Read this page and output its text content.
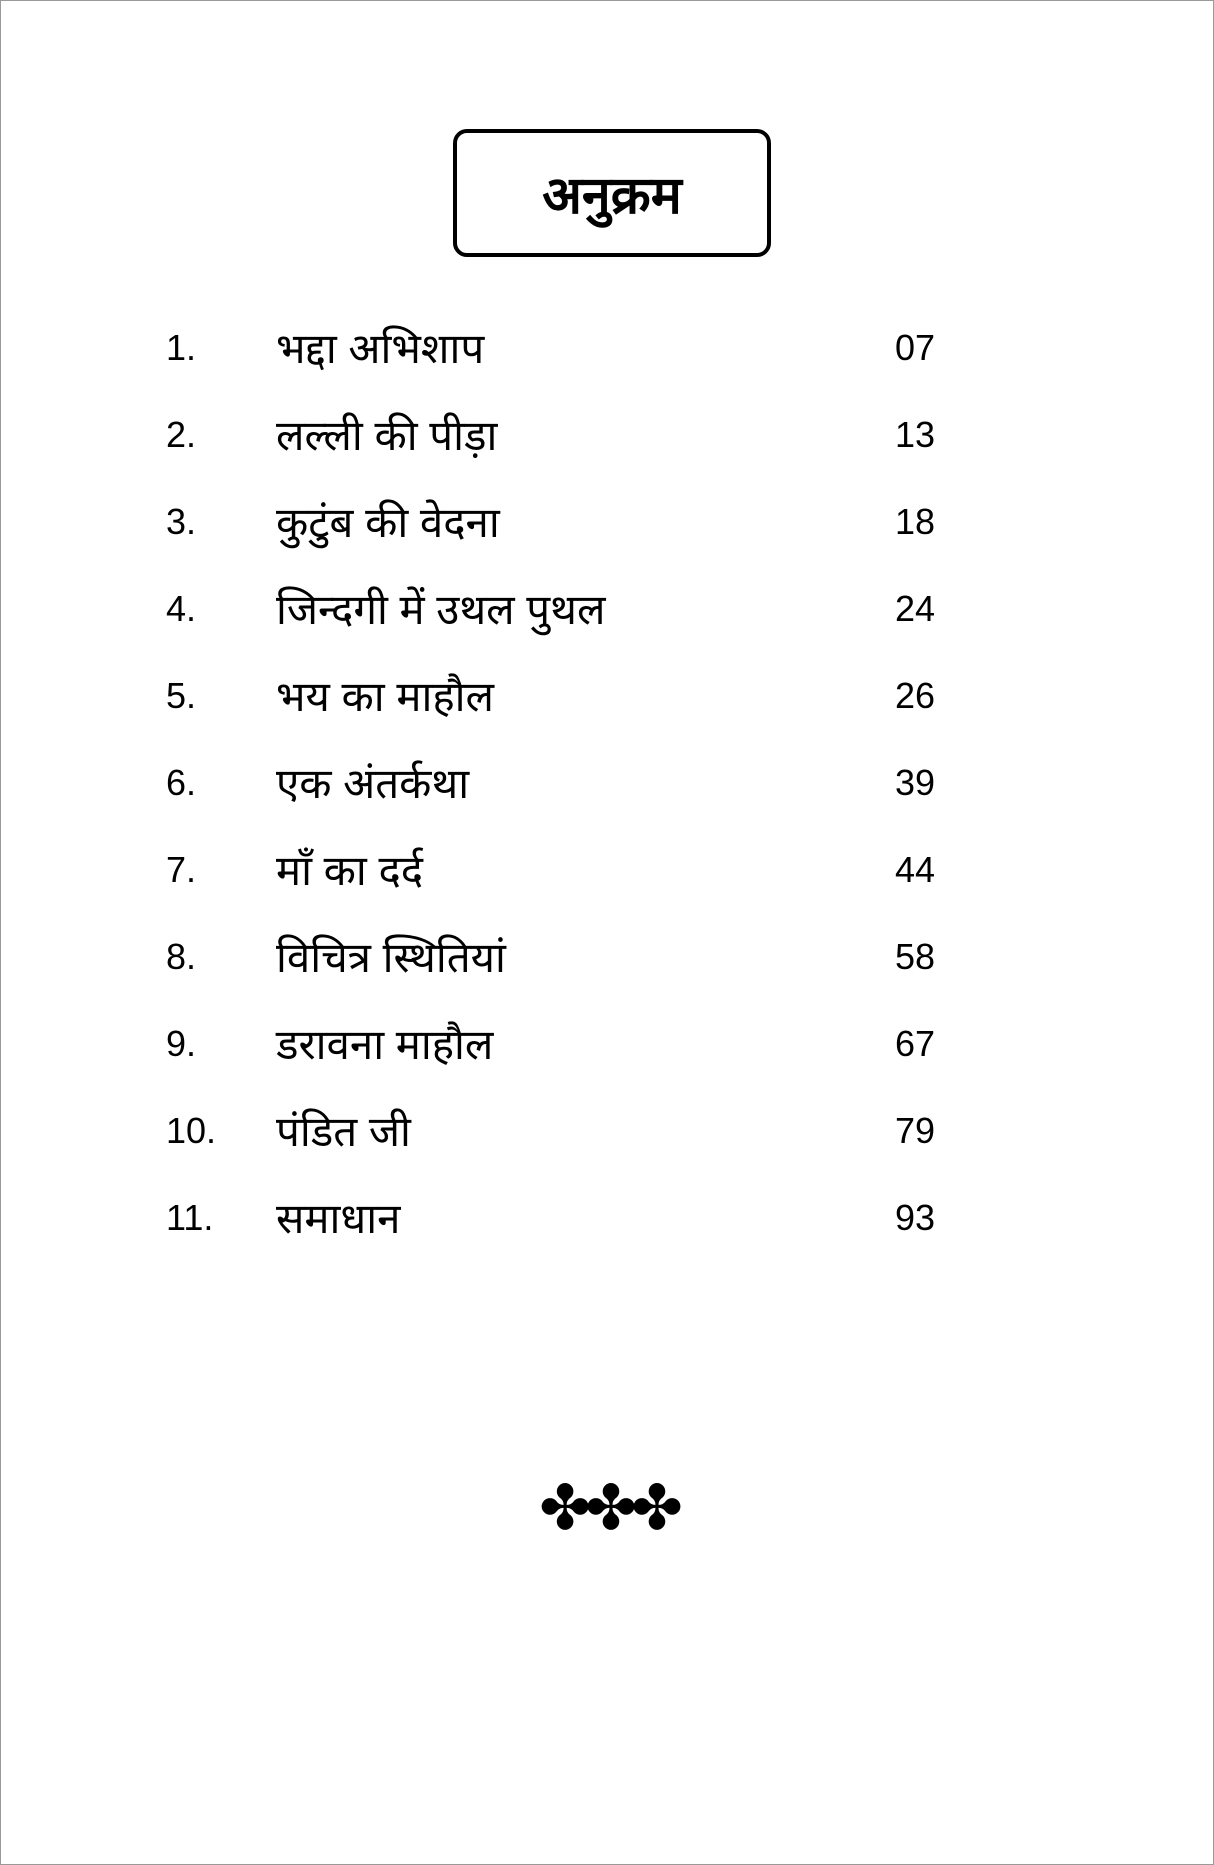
अनुक्रम
1. भद्दा अभिशाप	07
2. लल्ली की पीड़ा	13
3. कुटुंब की वेदना	18
4. जिन्दगी में उथल पुथल	24
5. भय का माहौल	26
6. एक अंतर्कथा	39
7. माँ का दर्द	44
8. विचित्र स्थितियां	58
9. डरावना माहौल	67
10. पंडित जी	79
11. समाधान	93
✤✤✤
